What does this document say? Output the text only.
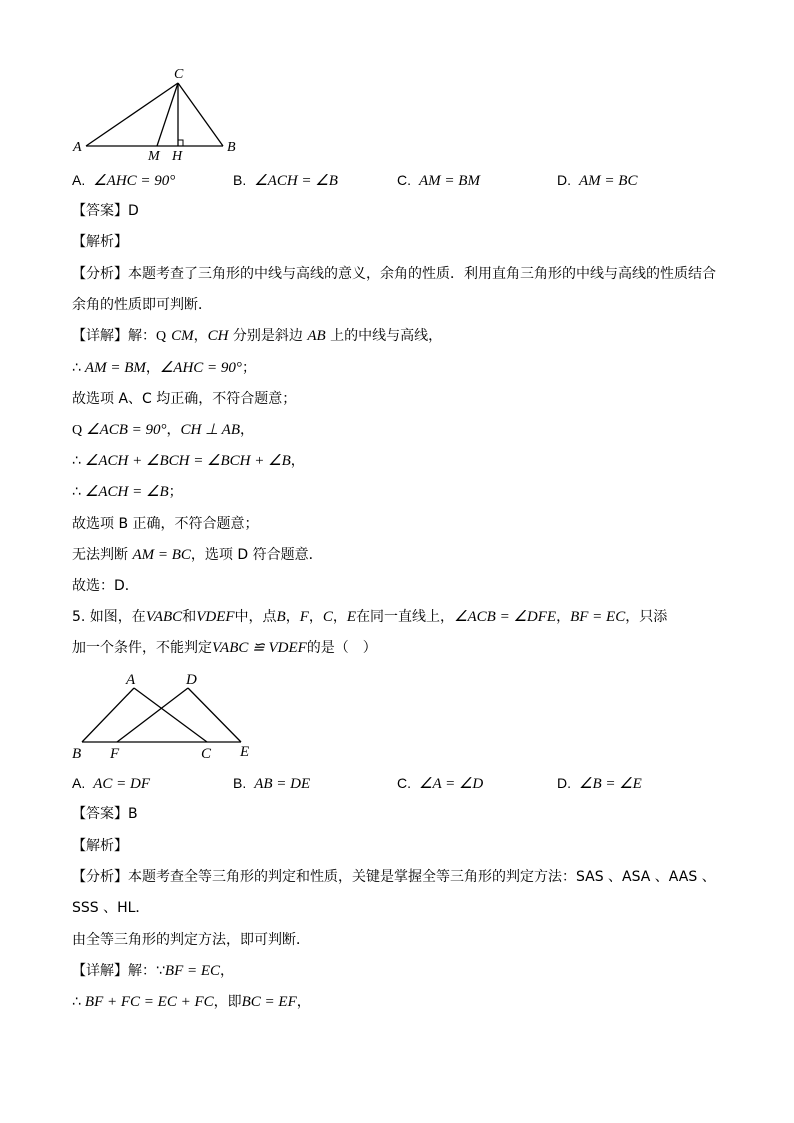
C
A	B
M H
A. ∠AHC = 90°	B. ∠ACH = ∠B	C. AM = BM	D. AM = BC
【答案】D
【解析】
【分析】本题考查了三角形的中线与高线的意义，余角的性质．利用直角三角形的中线与高线的性质结合
余角的性质即可判断．
【详解】解：Q CM，CH 分别是斜边 AB 上的中线与高线，
∴ AM = BM，∠AHC = 90°；
故选项 A、C 均正确，不符合题意；
Q ∠ACB = 90°，CH ⊥ AB，
∴ ∠ACH + ∠BCH = ∠BCH + ∠B，
∴ ∠ACH = ∠B；
故选项 B 正确，不符合题意；
无法判断 AM = BC，选项 D 符合题意．
故选：D．
5. 如图，在VABC和VDEF中，点B，F，C，E在同一直线上，∠ACB = ∠DFE，BF = EC，只添
加一个条件，不能判定VABC ≌ VDEF的是（　）
A	D
B F	C E
A. AC = DF	B. AB = DE	C. ∠A = ∠D	D. ∠B = ∠E
【答案】B
【解析】
【分析】本题考查全等三角形的判定和性质，关键是掌握全等三角形的判定方法：SAS 、ASA 、AAS 、
SSS 、HL．
由全等三角形的判定方法，即可判断．
【详解】解：∵BF = EC，
∴ BF + FC = EC + FC，即BC = EF，
